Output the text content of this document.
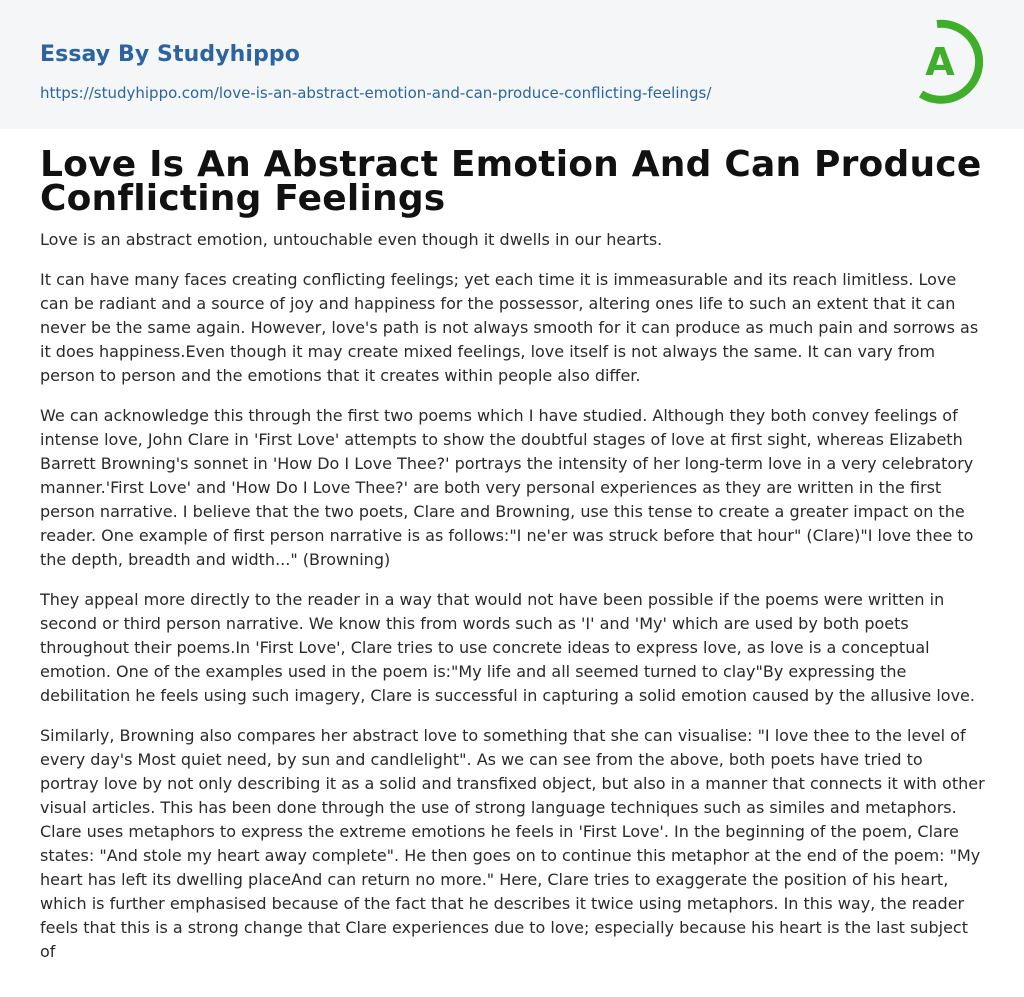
Essay By Studyhippo
https://studyhippo.com/love-is-an-abstract-emotion-and-can-produce-conflicting-feelings/
A
Love Is An Abstract Emotion And Can Produce Conflicting Feelings

Love is an abstract emotion, untouchable even though it dwells in our hearts.

It can have many faces creating conflicting feelings; yet each time it is immeasurable and its reach limitless. Love can be radiant and a source of joy and happiness for the possessor, altering ones life to such an extent that it can never be the same again. However, love's path is not always smooth for it can produce as much pain and sorrows as it does happiness.Even though it may create mixed feelings, love itself is not always the same. It can vary from person to person and the emotions that it creates within people also differ.

We can acknowledge this through the first two poems which I have studied. Although they both convey feelings of intense love, John Clare in 'First Love' attempts to show the doubtful stages of love at first sight, whereas Elizabeth Barrett Browning's sonnet in 'How Do I Love Thee?' portrays the intensity of her long-term love in a very celebratory manner.'First Love' and 'How Do I Love Thee?' are both very personal experiences as they are written in the first person narrative. I believe that the two poets, Clare and Browning, use this tense to create a greater impact on the reader. One example of first person narrative is as follows:"I ne'er was struck before that hour" (Clare)"I love thee to the depth, breadth and width..." (Browning)

They appeal more directly to the reader in a way that would not have been possible if the poems were written in second or third person narrative. We know this from words such as 'I' and 'My' which are used by both poets throughout their poems.In 'First Love', Clare tries to use concrete ideas to express love, as love is a conceptual emotion. One of the examples used in the poem is:"My life and all seemed turned to clay"By expressing the debilitation he feels using such imagery, Clare is successful in capturing a solid emotion caused by the allusive love.

Similarly, Browning also compares her abstract love to something that she can visualise: "I love thee to the level of every day's Most quiet need, by sun and candlelight". As we can see from the above, both poets have tried to portray love by not only describing it as a solid and transfixed object, but also in a manner that connects it with other visual articles. This has been done through the use of strong language techniques such as similes and metaphors. Clare uses metaphors to express the extreme emotions he feels in 'First Love'. In the beginning of the poem, Clare states: "And stole my heart away complete". He then goes on to continue this metaphor at the end of the poem: "My heart has left its dwelling placeAnd can return no more." Here, Clare tries to exaggerate the position of his heart, which is further emphasised because of the fact that he describes it twice using metaphors. In this way, the reader feels that this is a strong change that Clare experiences due to love; especially because his heart is the last subject of
